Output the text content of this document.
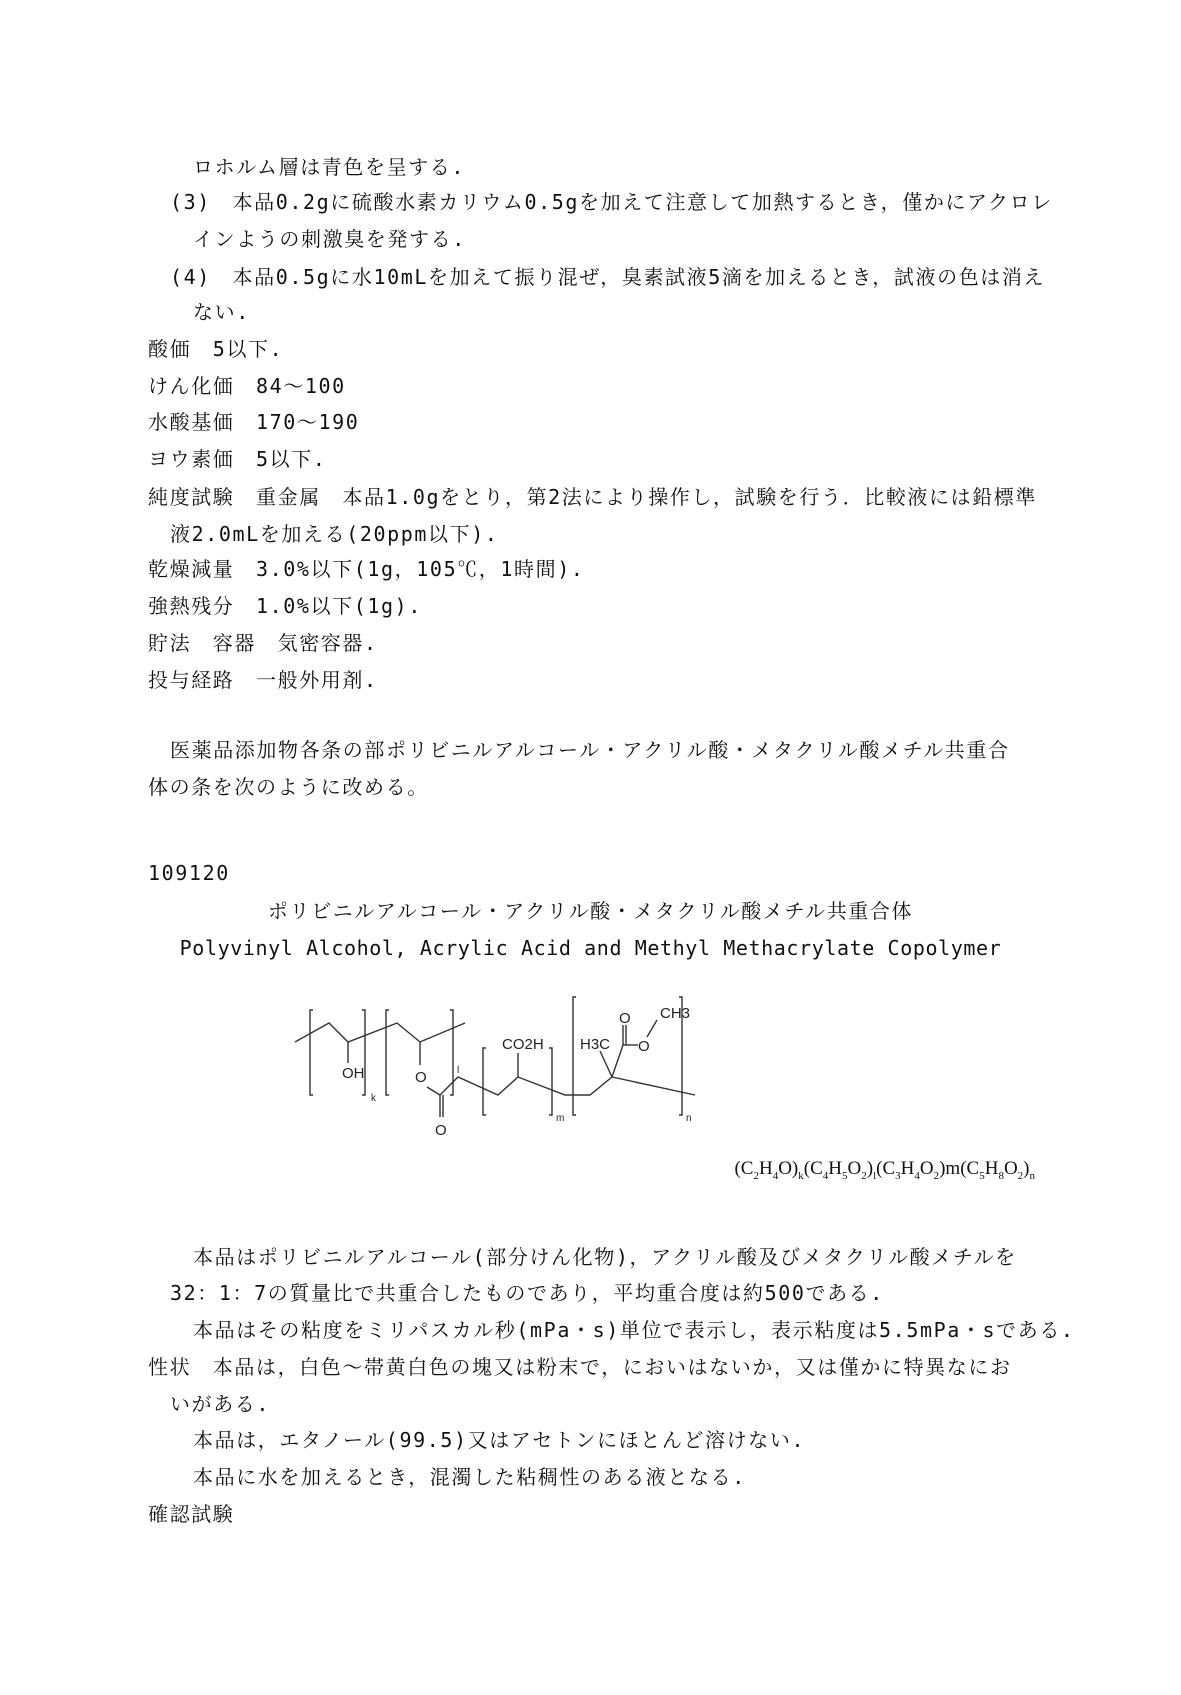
ロホルム層は青色を呈する.
(3)　本品0.2gに硫酸水素カリウム0.5gを加えて注意して加熱するとき，僅かにアクロレ
インようの刺激臭を発する.
(4)　本品0.5gに水10mLを加えて振り混ぜ，臭素試液5滴を加えるとき，試液の色は消え
ない.
酸価　5以下.
けん化価　84～100
水酸基価　170～190
ヨウ素価　5以下.
純度試験　重金属　本品1.0gをとり，第2法により操作し，試験を行う．比較液には鉛標準
液2.0mLを加える(20ppm以下).
乾燥減量　3.0%以下(1g，105℃，1時間).
強熱残分　1.0%以下(1g).
貯法　容器　気密容器.
投与経路　一般外用剤.
医薬品添加物各条の部ポリビニルアルコール・アクリル酸・メタクリル酸メチル共重合
体の条を次のように改める。
109120
ポリビニルアルコール・アクリル酸・メタクリル酸メチル共重合体
Polyvinyl Alcohol, Acrylic Acid and Methyl Methacrylate Copolymer
OH
k
O
O
l
CO2H
m
H3C
O
O
CH3
n
$(C_2H_4O)_k(C_4H_5O_2)_l(C_3H_4O_2)m(C_5H_8O_2)_n$
本品はポリビニルアルコール(部分けん化物)，アクリル酸及びメタクリル酸メチルを
32：1：7の質量比で共重合したものであり，平均重合度は約500である.
本品はその粘度をミリパスカル秒(mPa・s)単位で表示し，表示粘度は5.5mPa・sである.
性状　本品は，白色～帯黄白色の塊又は粉末で，においはないか，又は僅かに特異なにお
いがある.
本品は，エタノール(99.5)又はアセトンにほとんど溶けない.
本品に水を加えるとき，混濁した粘稠性のある液となる.
確認試験
